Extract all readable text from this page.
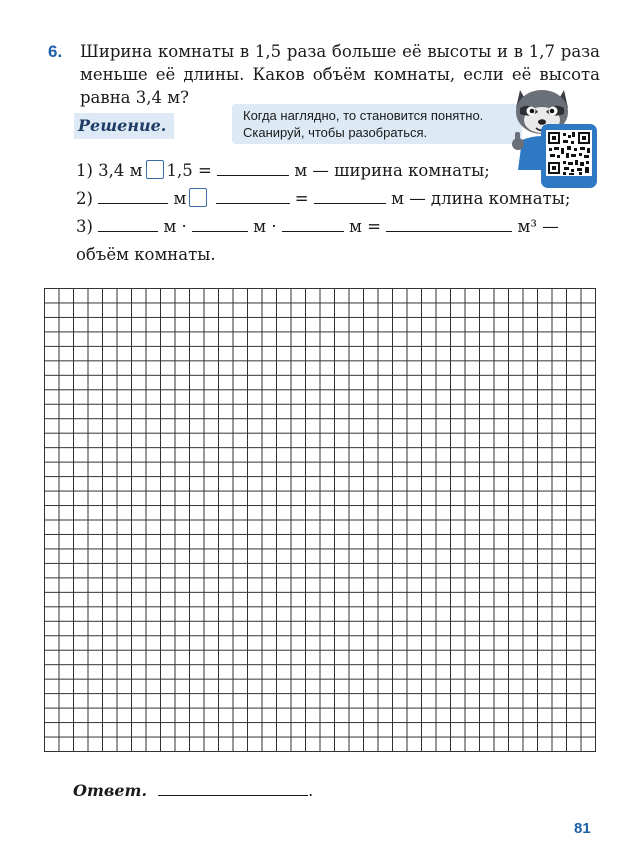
6. Ширина комнаты в 1,5 раза больше её высоты и в 1,7 раза меньше её длины. Каков объём комнаты, если её высота равна 3,4 м?
Когда наглядно, то становится понятно.
Сканируй, чтобы разобраться.
Решение.
1) 3,4 м 1,5 =	м — ширина комнаты;
2)	м	=	м — длина комнаты;
3)	м ·	м ·	м =	м³ —
объём комнаты.
Ответ.	.
81
